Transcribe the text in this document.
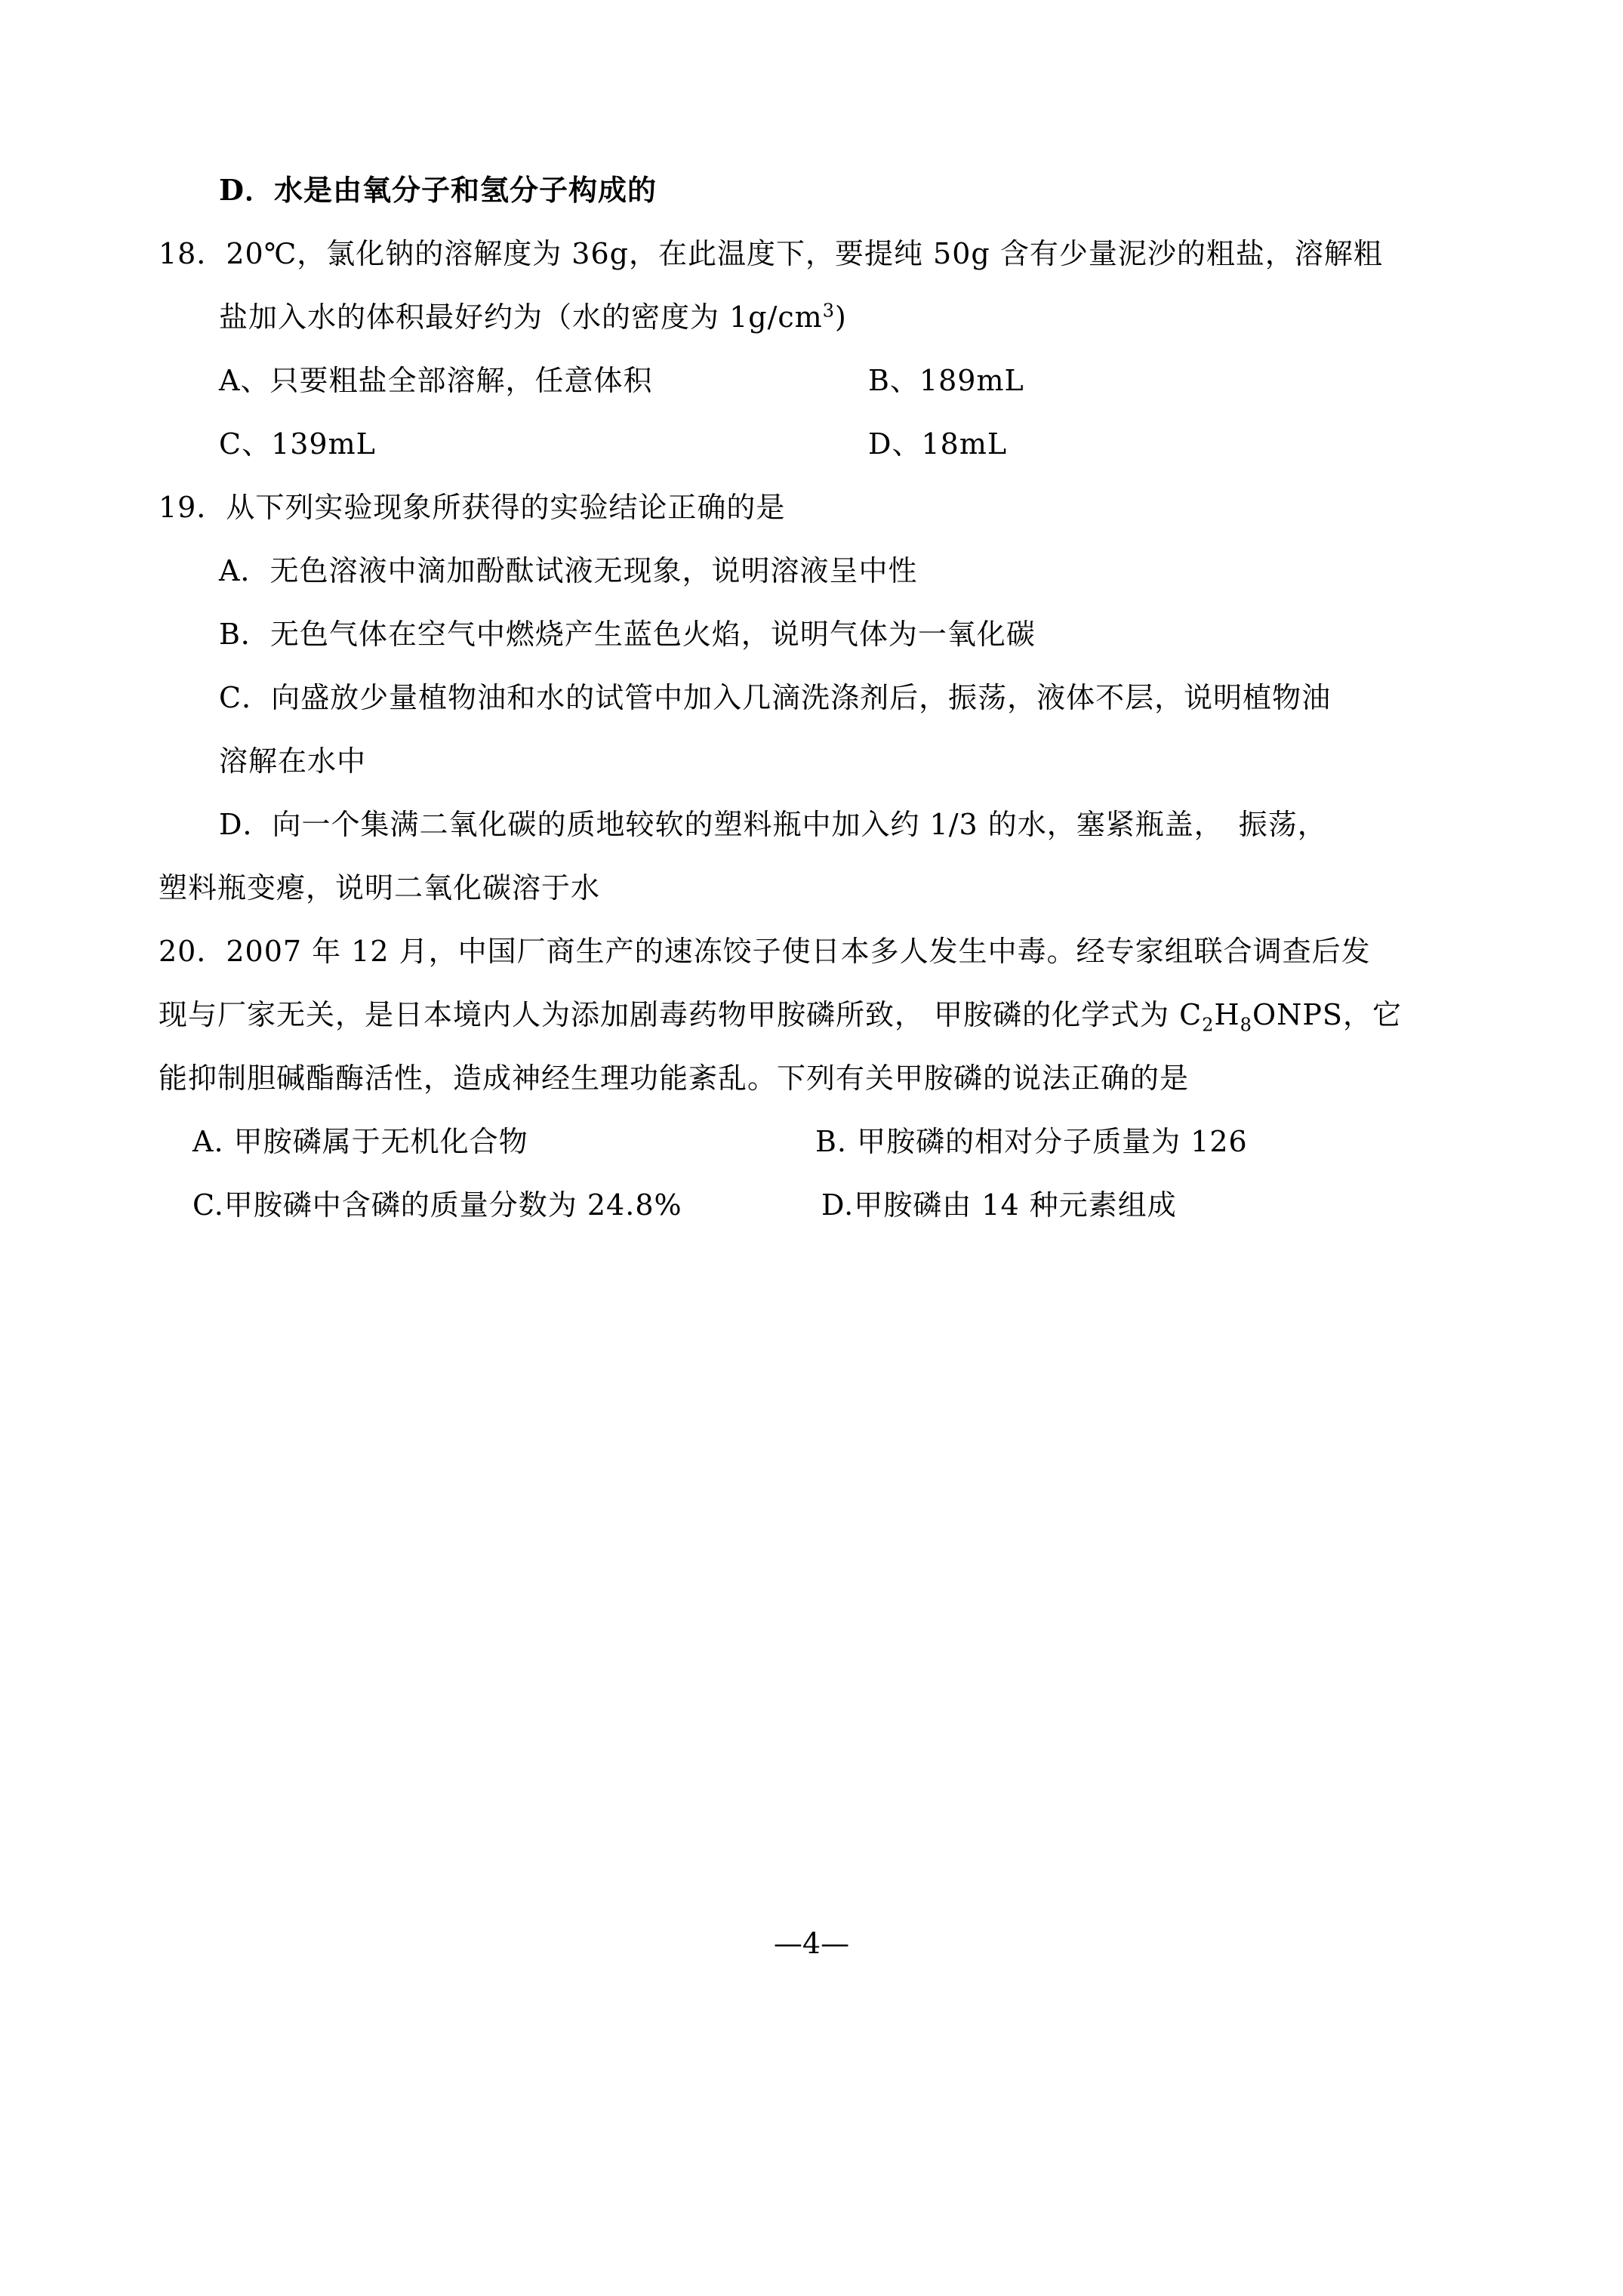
D．水是由氧分子和氢分子构成的
18．20℃，氯化钠的溶解度为 36g，在此温度下，要提纯 50g 含有少量泥沙的粗盐，溶解粗
盐加入水的体积最好约为（水的密度为 $1g/cm^3$)
A、只要粗盐全部溶解，任意体积	B、189mL
C、139mL	D、18mL
19．从下列实验现象所获得的实验结论正确的是
A．无色溶液中滴加酚酞试液无现象，说明溶液呈中性
B．无色气体在空气中燃烧产生蓝色火焰，说明气体为一氧化碳
C．向盛放少量植物油和水的试管中加入几滴洗涤剂后，振荡，液体不层，说明植物油
溶解在水中
D．向一个集满二氧化碳的质地较软的塑料瓶中加入约 1/3 的水，塞紧瓶盖，　振荡，
塑料瓶变瘪，说明二氧化碳溶于水
20．2007 年 12 月，中国厂商生产的速冻饺子使日本多人发生中毒。经专家组联合调查后发
现与厂家无关，是日本境内人为添加剧毒药物甲胺磷所致， 甲胺磷的化学式为 $C_2H_8ONPS$，它
能抑制胆碱酯酶活性，造成神经生理功能紊乱。下列有关甲胺磷的说法正确的是
A. 甲胺磷属于无机化合物	B. 甲胺磷的相对分子质量为 126
C.甲胺磷中含磷的质量分数为 24.8%	D.甲胺磷由 14 种元素组成
—4—
